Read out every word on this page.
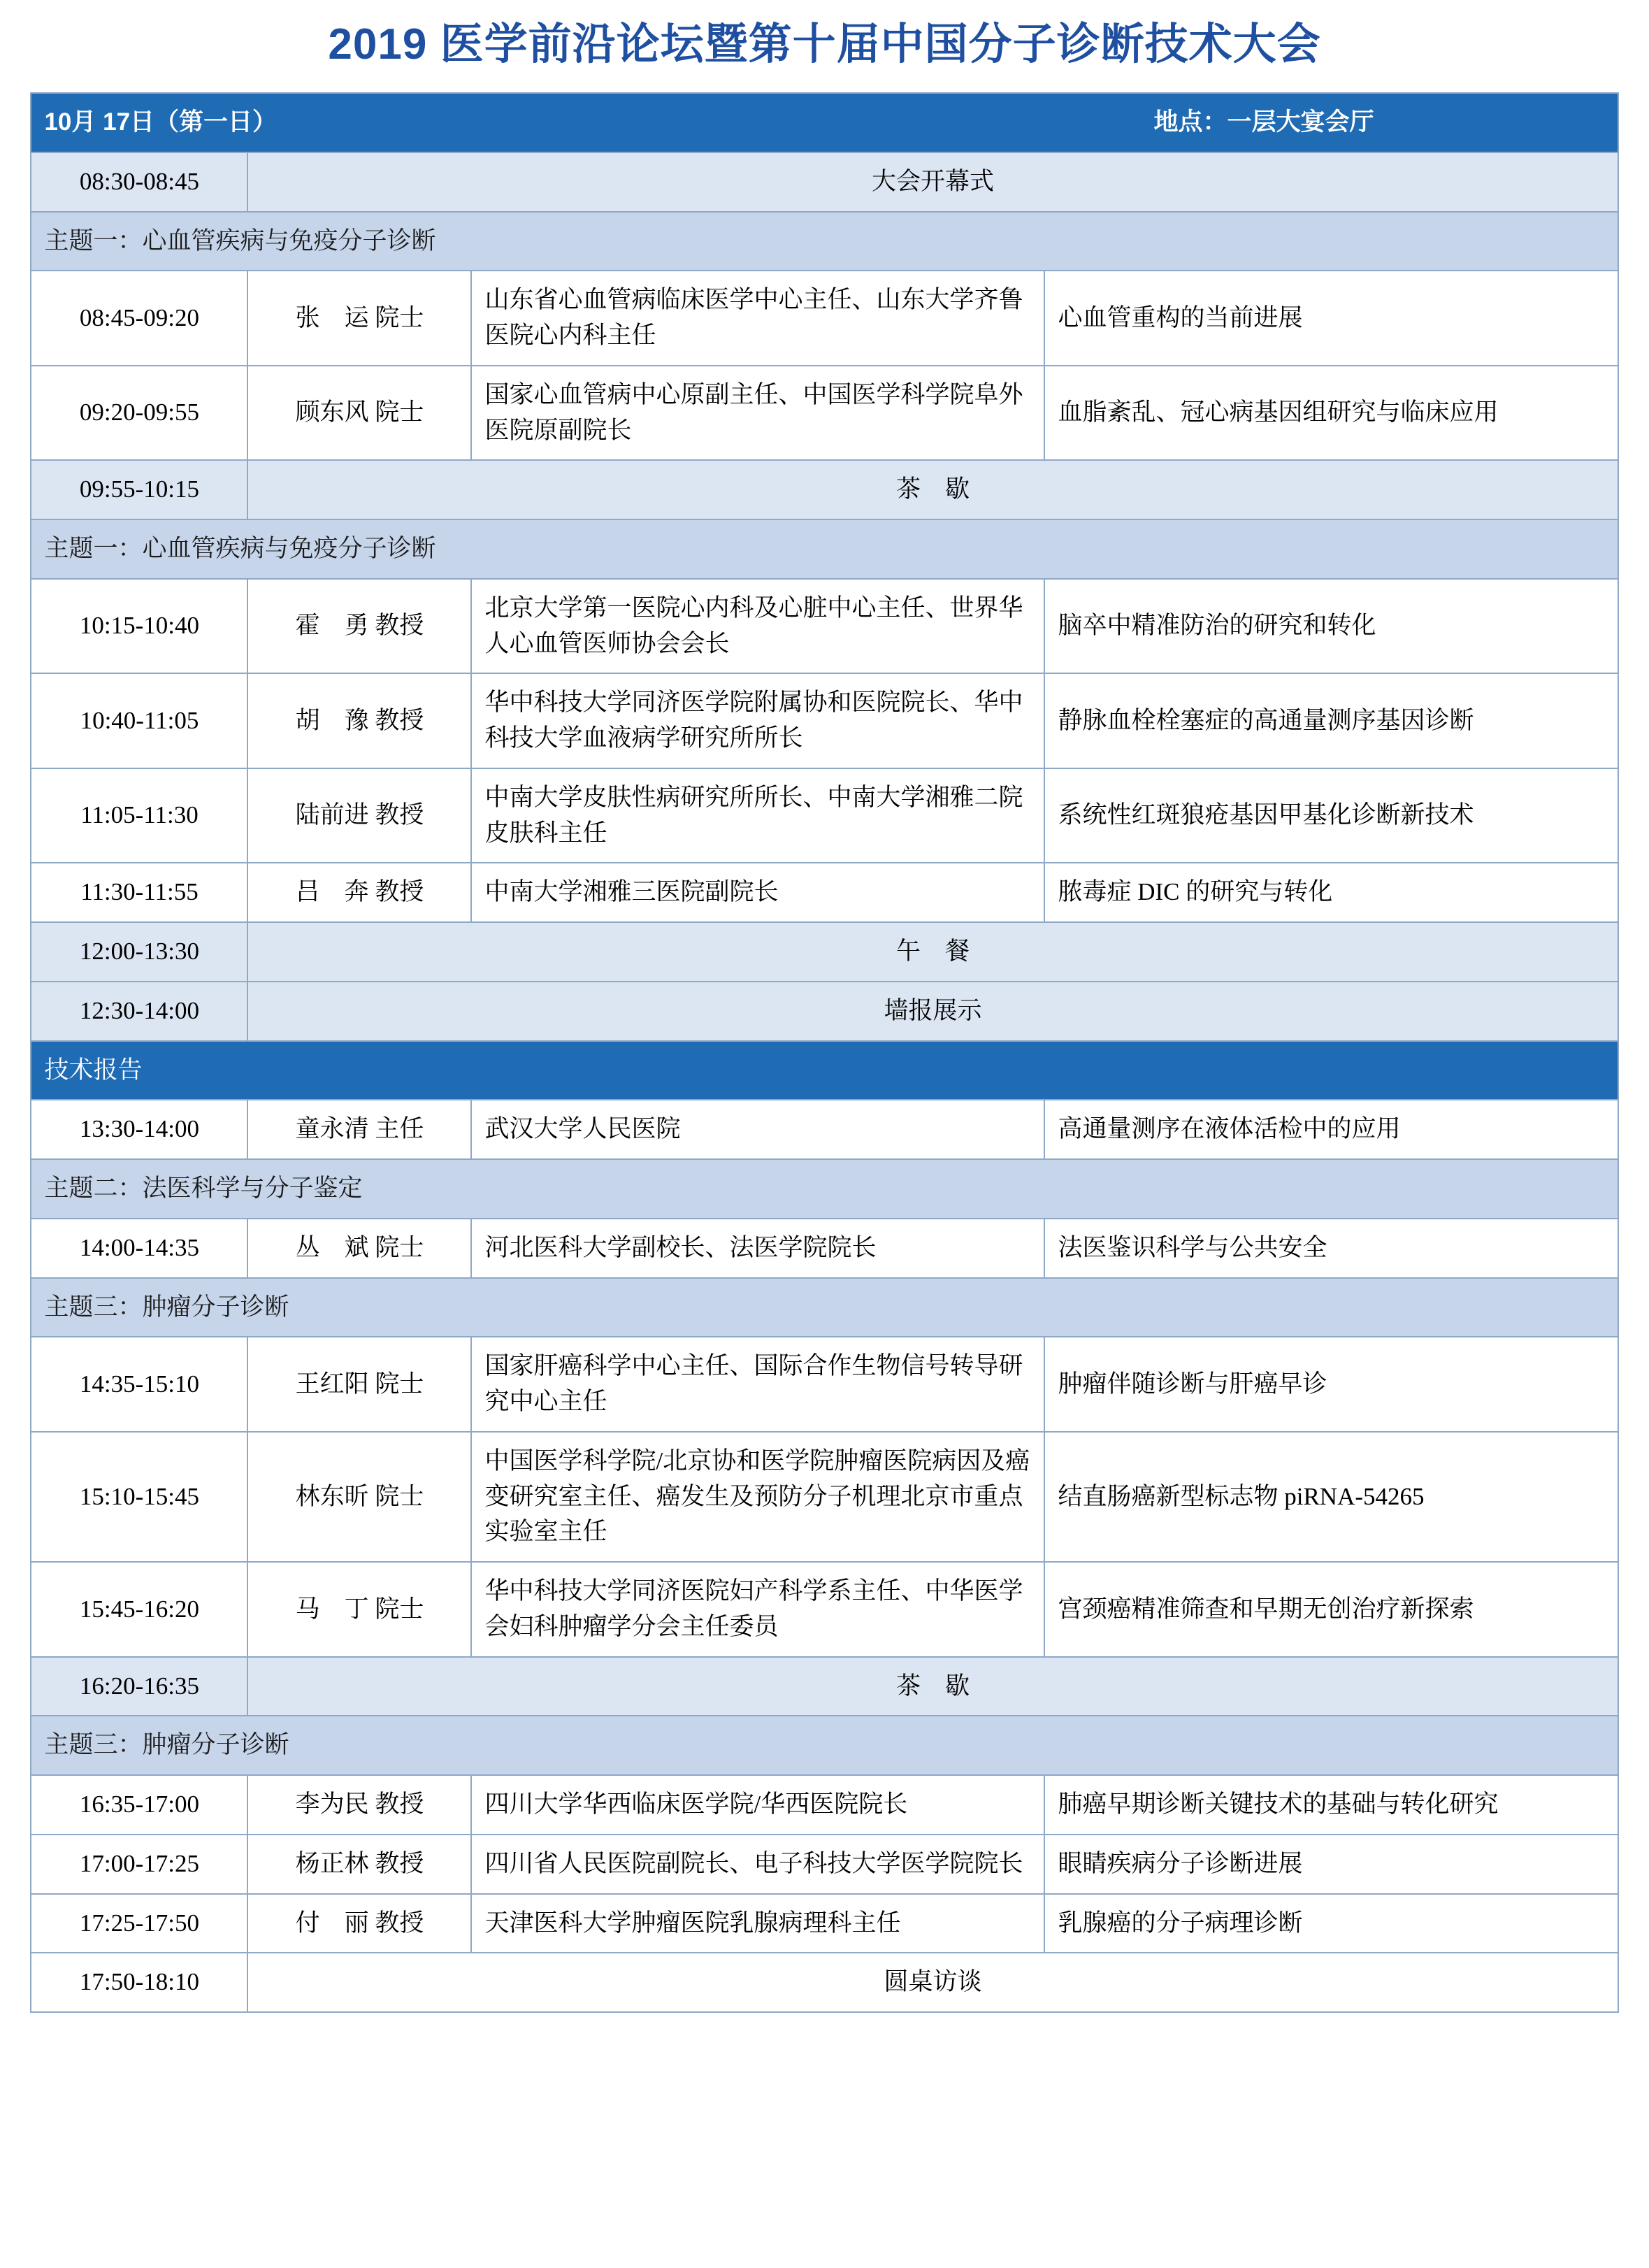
2019 医学前沿论坛暨第十届中国分子诊断技术大会
10月 17日（第一日） 地点：一层大宴会厅			

08:30-08:45	大会开幕式		
主题一：心血管疾病与免疫分子诊断			
08:45-09:20	张　运 院士	山东省心血管病临床医学中心主任、山东大学齐鲁医院心内科主任	心血管重构的当前进展
09:20-09:55	顾东风 院士	国家心血管病中心原副主任、中国医学科学院阜外医院原副院长	血脂紊乱、冠心病基因组研究与临床应用
09:55-10:15	茶　歇		
主题一：心血管疾病与免疫分子诊断			
10:15-10:40	霍　勇 教授	北京大学第一医院心内科及心脏中心主任、世界华人心血管医师协会会长	脑卒中精准防治的研究和转化
10:40-11:05	胡　豫 教授	华中科技大学同济医学院附属协和医院院长、华中科技大学血液病学研究所所长	静脉血栓栓塞症的高通量测序基因诊断
11:05-11:30	陆前进 教授	中南大学皮肤性病研究所所长、中南大学湘雅二院皮肤科主任	系统性红斑狼疮基因甲基化诊断新技术
11:30-11:55	吕　奔 教授	中南大学湘雅三医院副院长	脓毒症 DIC 的研究与转化
12:00-13:30	午　餐		
12:30-14:00	墙报展示		
技术报告			
13:30-14:00	童永清 主任	武汉大学人民医院	高通量测序在液体活检中的应用
主题二：法医科学与分子鉴定			
14:00-14:35	丛　斌 院士	河北医科大学副校长、法医学院院长	法医鉴识科学与公共安全
主题三：肿瘤分子诊断			
14:35-15:10	王红阳 院士	国家肝癌科学中心主任、国际合作生物信号转导研究中心主任	肿瘤伴随诊断与肝癌早诊
15:10-15:45	林东昕 院士	中国医学科学院/北京协和医学院肿瘤医院病因及癌变研究室主任、癌发生及预防分子机理北京市重点实验室主任	结直肠癌新型标志物 piRNA-54265
15:45-16:20	马　丁 院士	华中科技大学同济医院妇产科学系主任、中华医学会妇科肿瘤学分会主任委员	宫颈癌精准筛查和早期无创治疗新探索
16:20-16:35	茶　歇		
主题三：肿瘤分子诊断			
16:35-17:00	李为民 教授	四川大学华西临床医学院/华西医院院长	肺癌早期诊断关键技术的基础与转化研究
17:00-17:25	杨正林 教授	四川省人民医院副院长、电子科技大学医学院院长	眼睛疾病分子诊断进展
17:25-17:50	付　丽 教授	天津医科大学肿瘤医院乳腺病理科主任	乳腺癌的分子病理诊断
17:50-18:10	圆桌访谈		
